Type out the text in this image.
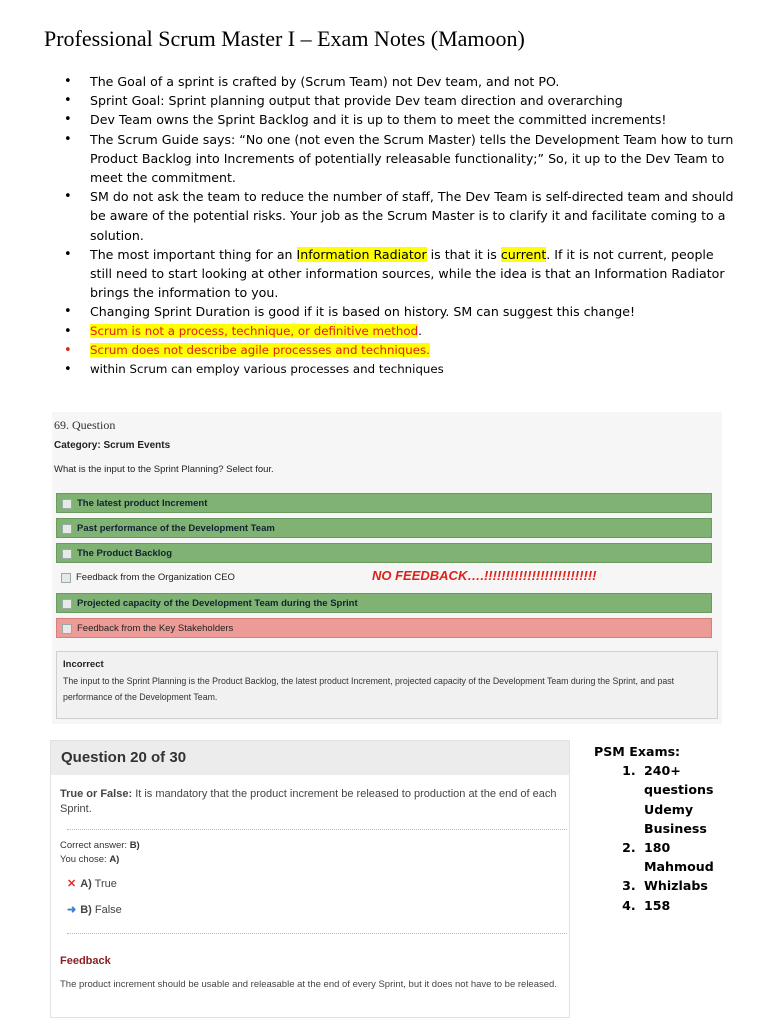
Professional Scrum Master I – Exam Notes (Mamoon)
• The Goal of a sprint is crafted by (Scrum Team) not Dev team, and not PO.
• Sprint Goal: Sprint planning output that provide Dev team direction and overarching
• Dev Team owns the Sprint Backlog and it is up to them to meet the committed increments!
• The Scrum Guide says: “No one (not even the Scrum Master) tells the Development Team how to turn Product Backlog into Increments of potentially releasable functionality;” So, it up to the Dev Team to meet the commitment.
• SM do not ask the team to reduce the number of staff, The Dev Team is self-directed team and should be aware of the potential risks. Your job as the Scrum Master is to clarify it and facilitate coming to a solution.
• The most important thing for an Information Radiator is that it is current. If it is not current, people still need to start looking at other information sources, while the idea is that an Information Radiator brings the information to you.
• Changing Sprint Duration is good if it is based on history. SM can suggest this change!
• Scrum is not a process, technique, or definitive method.
• Scrum does not describe agile processes and techniques.
• within Scrum can employ various processes and techniques
69. Question
Category: Scrum Events
What is the input to the Sprint Planning? Select four.
The latest product Increment
Past performance of the Development Team
The Product Backlog
Feedback from the Organization CEO	NO FEEDBACK….!!!!!!!!!!!!!!!!!!!!!!!!!!
Projected capacity of the Development Team during the Sprint
Feedback from the Key Stakeholders
Incorrect
The input to the Sprint Planning is the Product Backlog, the latest product Increment, projected capacity of the Development Team during the Sprint, and past performance of the Development Team.
Question 20 of 30
True or False: It is mandatory that the product increment be released to production at the end of each Sprint.
Correct answer: B)
You chose: A)
✕ A) True
➜ B) False
Feedback
The product increment should be usable and releasable at the end of every Sprint, but it does not have to be released.
PSM Exams:
1. 240+ questions Udemy Business
2. 180 Mahmoud
3. Whizlabs
4. 158
